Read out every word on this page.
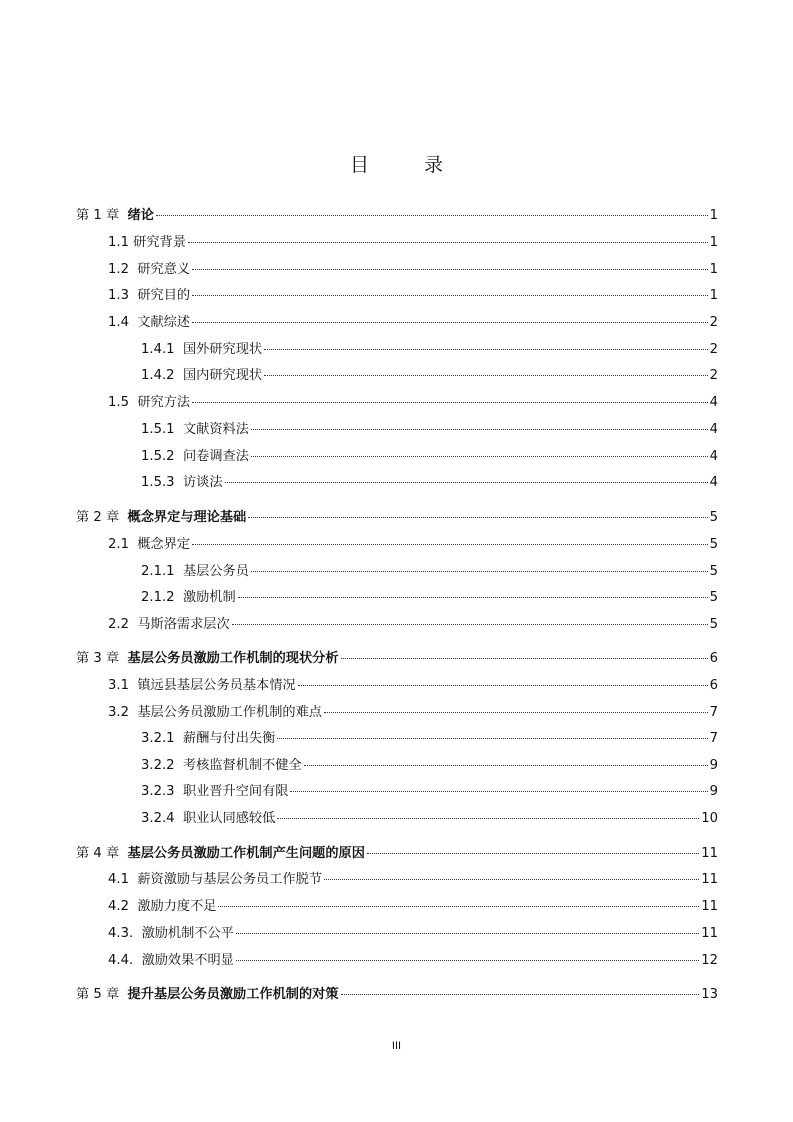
目　录
第 1 章 绪论	1
1.1 研究背景	1
1.2 研究意义	1
1.3 研究目的	1
1.4 文献综述	2
1.4.1 国外研究现状	2
1.4.2 国内研究现状	2
1.5 研究方法	4
1.5.1 文献资料法	4
1.5.2 问卷调查法	4
1.5.3 访谈法	4
第 2 章 概念界定与理论基础	5
2.1 概念界定	5
2.1.1 基层公务员	5
2.1.2 激励机制	5
2.2 马斯洛需求层次	5
第 3 章 基层公务员激励工作机制的现状分析	6
3.1 镇远县基层公务员基本情况	6
3.2 基层公务员激励工作机制的难点	7
3.2.1 薪酬与付出失衡	7
3.2.2 考核监督机制不健全	9
3.2.3 职业晋升空间有限	9
3.2.4 职业认同感较低	10
第 4 章 基层公务员激励工作机制产生问题的原因	11
4.1 薪资激励与基层公务员工作脱节	11
4.2 激励力度不足	11
4.3. 激励机制不公平	11
4.4. 激励效果不明显	12
第 5 章 提升基层公务员激励工作机制的对策	13
III
